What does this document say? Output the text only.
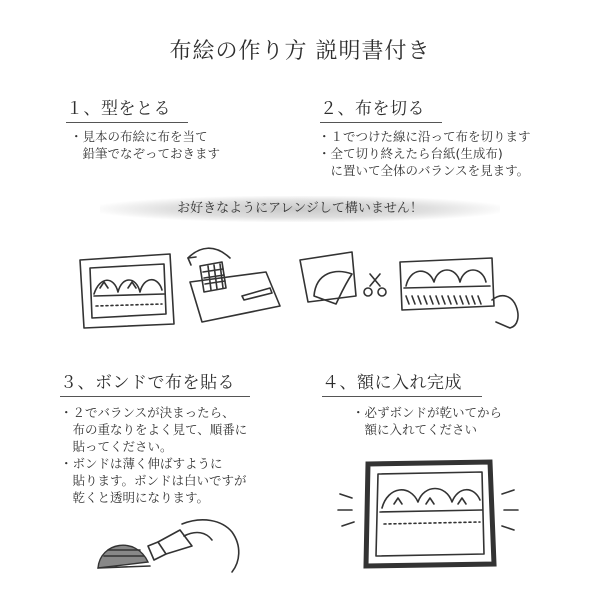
布絵の作り方 説明書付き
１、型をとる
・見本の布絵に布を当て
　鉛筆でなぞっておきます
２、布を切る
・１でつけた線に沿って布を切ります
・全て切り終えたら台紙(生成布)
　に置いて全体のバランスを見ます。
お好きなようにアレンジして構いません！
３、ボンドで布を貼る
・２でバランスが決まったら、
　布の重なりをよく見て、順番に
　貼ってください。
・ボンドは薄く伸ばすように
　貼ります。ボンドは白いですが
　乾くと透明になります。
４、額に入れ完成
・必ずボンドが乾いてから
　額に入れてください
